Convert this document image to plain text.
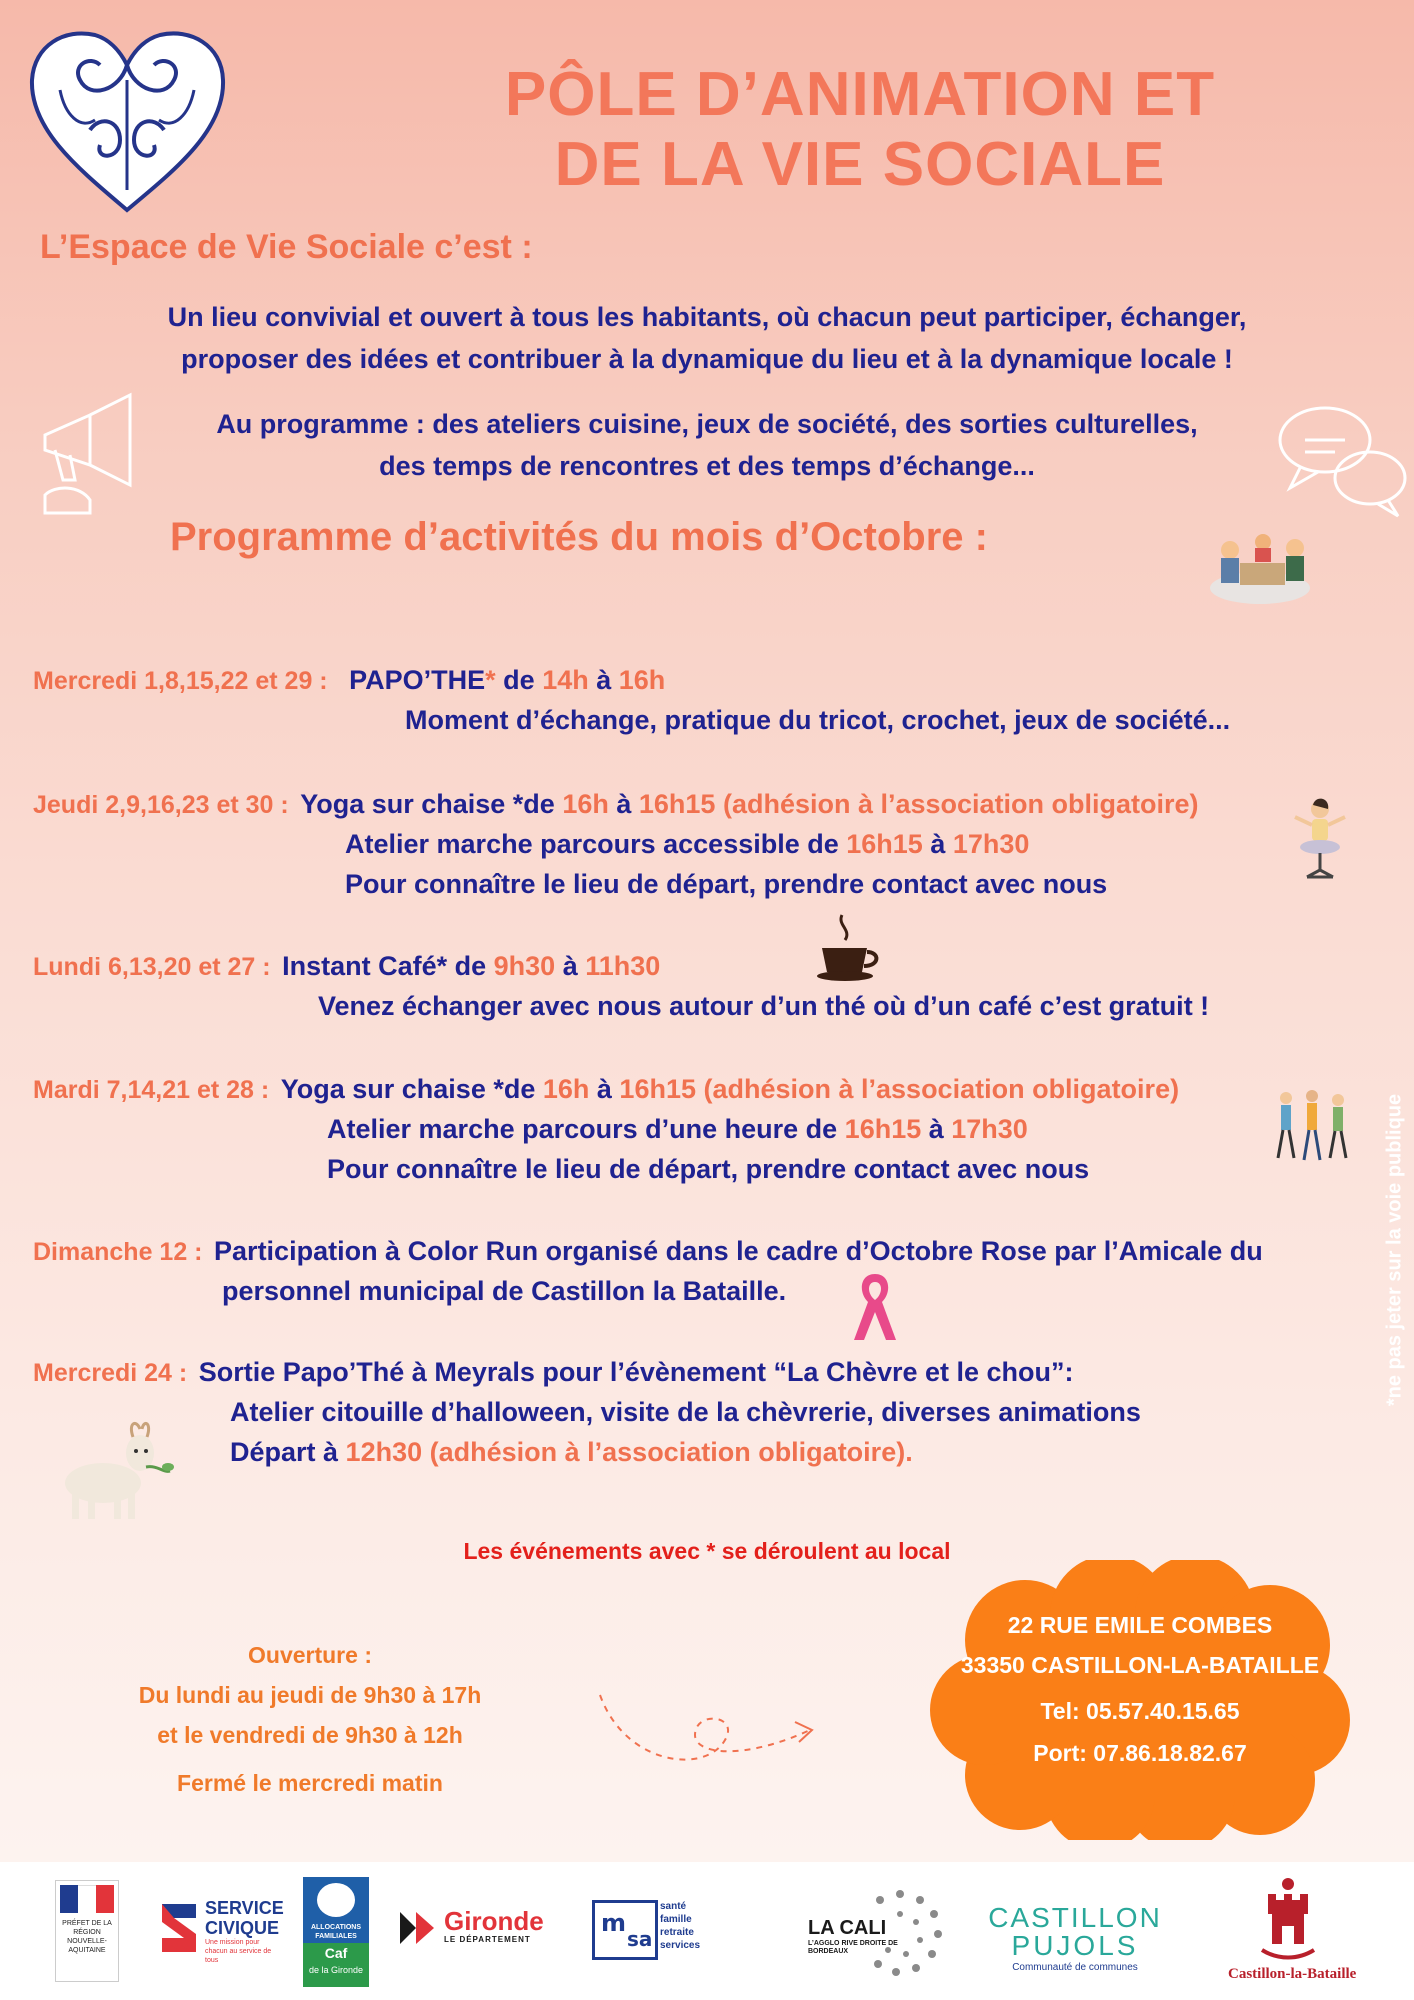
PÔLE D’ANIMATION ET
DE LA VIE SOCIALE
L’Espace de Vie Sociale c’est :
Un lieu convivial et ouvert à tous les habitants, où chacun peut participer, échanger,
proposer des idées et contribuer à la dynamique du lieu et à la dynamique locale !
Au programme : des ateliers cuisine, jeux de société, des sorties culturelles,
des temps de rencontres et des temps d’échange...
Programme d’activités du mois d’Octobre :
Mercredi 1,8,15,22 et 29 : PAPO’THE* de 14h à 16h
Moment d’échange, pratique du tricot, crochet, jeux de société...
Jeudi 2,9,16,23 et 30 : Yoga sur chaise *de 16h à 16h15 (adhésion à l’association obligatoire)
Atelier marche parcours accessible de 16h15 à 17h30
Pour connaître le lieu de départ, prendre contact avec nous
Lundi 6,13,20 et 27 : Instant Café* de 9h30 à 11h30
Venez échanger avec nous autour d’un thé où d’un café c’est gratuit !
Mardi 7,14,21 et 28 : Yoga sur chaise *de 16h à 16h15 (adhésion à l’association obligatoire)
Atelier marche parcours d’une heure de 16h15 à 17h30
Pour connaître le lieu de départ, prendre contact avec nous
Dimanche 12 : Participation à Color Run organisé dans le cadre d’Octobre Rose par l’Amicale du
personnel municipal de Castillon la Bataille.
Mercredi 24 : Sortie Papo’Thé à Meyrals pour l’évènement “La Chèvre et le chou”:
Atelier citouille d’halloween, visite de la chèvrerie, diverses animations
Départ à 12h30 (adhésion à l’association obligatoire).
Les événements avec * se déroulent au local
Ouverture :
Du lundi au jeudi de 9h30 à 17h
et le vendredi de 9h30 à 12h
Fermé le mercredi matin
22 RUE EMILE COMBES
33350 CASTILLON-LA-BATAILLE
Tel: 05.57.40.15.65
Port: 07.86.18.82.67
*ne pas jeter sur la voie publique
PRÉFET DE LA RÉGION NOUVELLE-AQUITAINE
SERVICE
CIVIQUE
Une mission pour chacun au service de tous
ALLOCATIONS FAMILIALES
Caf
de la Gironde
Gironde
LE DÉPARTEMENT
m
sa
santé
famille
retraite
services
LA CALI
L’AGGLO RIVE DROITE DE BORDEAUX
CASTILLON
PUJOLS
Communauté de communes	Castillon-la-Bataille
